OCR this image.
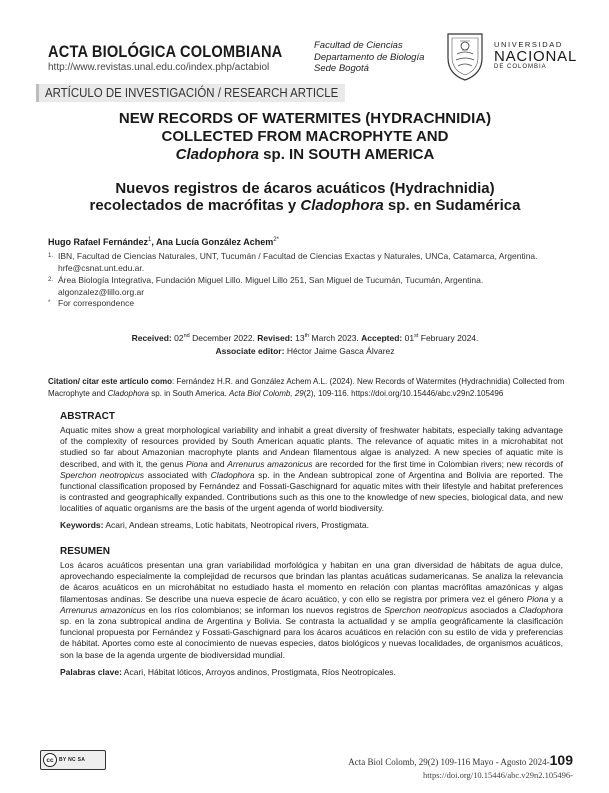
ACTA BIOLÓGICA COLOMBIANA
http://www.revistas.unal.edu.co/index.php/actabiol
Facultad de Ciencias
Departamento de Biología
Sede Bogotá
UNIVERSIDAD
NACIONAL
DE COLOMBIA
ARTÍCULO DE INVESTIGACIÓN / RESEARCH ARTICLE
NEW RECORDS OF WATERMITES (HYDRACHNIDIA)
COLLECTED FROM MACROPHYTE AND
Cladophora sp. IN SOUTH AMERICA
Nuevos registros de ácaros acuáticos (Hydrachnidia)
recolectados de macrófitas y Cladophora sp. en Sudamérica
Hugo Rafael Fernández$^1$, Ana Lucía González Achem$^{2*}$
1. IBN, Facultad de Ciencias Naturales, UNT, Tucumán / Facultad de Ciencias Exactas y Naturales, UNCa, Catamarca, Argentina. hrfe@csnat.unt.edu.ar.
2. Área Biología Integrativa, Fundación Miguel Lillo. Miguel Lillo 251, San Miguel de Tucumán, Tucumán, Argentina. algonzalez@lillo.org.ar
* For correspondence
Received: 02nd December 2022. Revised: 13th March 2023. Accepted: 01st February 2024.
Associate editor: Héctor Jaime Gasca Álvarez
Citation/ citar este artículo como: Fernández H.R. and González Achem A.L. (2024). New Records of Watermites (Hydrachnidia) Collected from Macrophyte and Cladophora sp. in South America. Acta Biol Colomb, 29(2), 109-116. https://doi.org/10.15446/abc.v29n2.105496
ABSTRACT
Aquatic mites show a great morphological variability and inhabit a great diversity of freshwater habitats, especially taking advantage of the complexity of resources provided by South American aquatic plants. The relevance of aquatic mites in a microhabitat not studied so far about Amazonian macrophyte plants and Andean filamentous algae is analyzed. A new species of aquatic mite is described, and with it, the genus Piona and Arrenurus amazonicus are recorded for the first time in Colombian rivers; new records of Sperchon neotropicus associated with Cladophora sp. in the Andean subtropical zone of Argentina and Bolivia are reported. The functional classification proposed by Fernández and Fossati-Gaschignard for aquatic mites with their lifestyle and habitat preferences is contrasted and geographically expanded. Contributions such as this one to the knowledge of new species, biological data, and new localities of aquatic organisms are the basis of the urgent agenda of world biodiversity.
Keywords: Acari, Andean streams, Lotic habitats, Neotropical rivers, Prostigmata.
RESUMEN
Los ácaros acuáticos presentan una gran variabilidad morfológica y habitan en una gran diversidad de hábitats de agua dulce, aprovechando especialmente la complejidad de recursos que brindan las plantas acuáticas sudamericanas. Se analiza la relevancia de ácaros acuáticos en un microhábitat no estudiado hasta el momento en relación con plantas macrófitas amazónicas y algas filamentosas andinas. Se describe una nueva especie de ácaro acuático, y con ello se registra por primera vez el género Piona y a Arrenurus amazonicus en los ríos colombianos; se informan los nuevos registros de Sperchon neotropicus asociados a Cladophora sp. en la zona subtropical andina de Argentina y Bolivia. Se contrasta la actualidad y se amplía geográficamente la clasificación funcional propuesta por Fernández y Fossati-Gaschignard para los ácaros acuáticos en relación con su estilo de vida y preferencias de hábitat. Aportes como este al conocimiento de nuevas especies, datos biológicos y nuevas localidades, de organismos acuáticos, son la base de la agenda urgente de biodiversidad mundial.
Palabras clave: Acari, Hábitat lóticos, Arroyos andinos, Prostigmata, Ríos Neotropicales.
cc	BY NC SA	Acta Biol Colomb, 29(2) 109-116 Mayo - Agosto 2024-109
https://doi.org/10.15446/abc.v29n2.105496-
